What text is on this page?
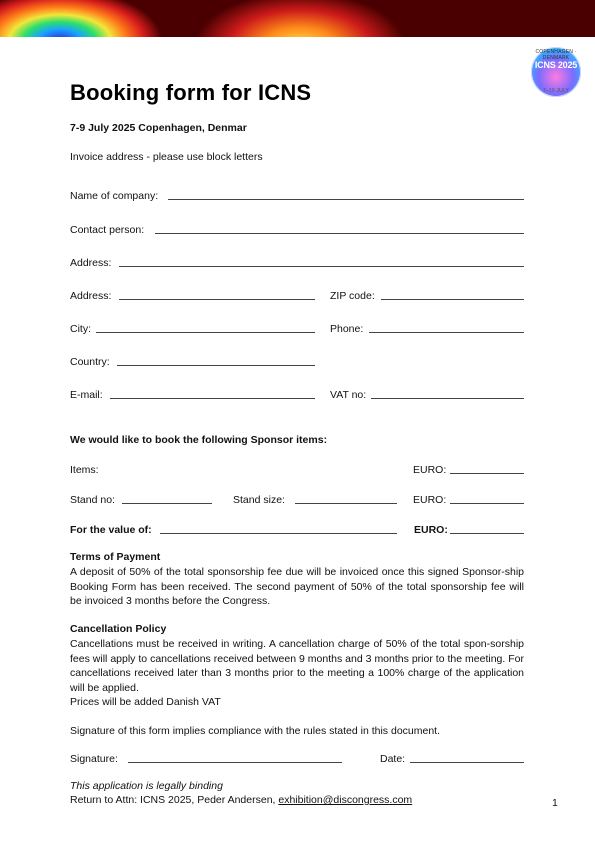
COPENHAGEN · DENMARK
ICNS 2025
7–10 JULY
Booking form for ICNS
7-9 July 2025 Copenhagen, Denmar
Invoice address - please use block letters
Name of company:
Contact person:
Address:
Address:	ZIP code:
City:	Phone:
Country:
E-mail:	VAT no:
We would like to book the following Sponsor items:
Items:	EURO:
Stand no:	Stand size:	EURO:
For the value of:	EURO:
Terms of Payment
A deposit of 50% of the total sponsorship fee due will be invoiced once this signed Sponsor-ship Booking Form has been received. The second payment of 50% of the total sponsorship fee will be invoiced 3 months before the Congress.
Cancellation Policy
Cancellations must be received in writing. A cancellation charge of 50% of the total spon-sorship fees will apply to cancellations received between 9 months and 3 months prior to the meeting. For cancellations received later than 3 months prior to the meeting a 100% charge of the application will be applied.
Prices will be added Danish VAT
Signature of this form implies compliance with the rules stated in this document.
Signature:	Date:
This application is legally binding
Return to Attn: ICNS 2025, Peder Andersen, exhibition@discongress.com	1
